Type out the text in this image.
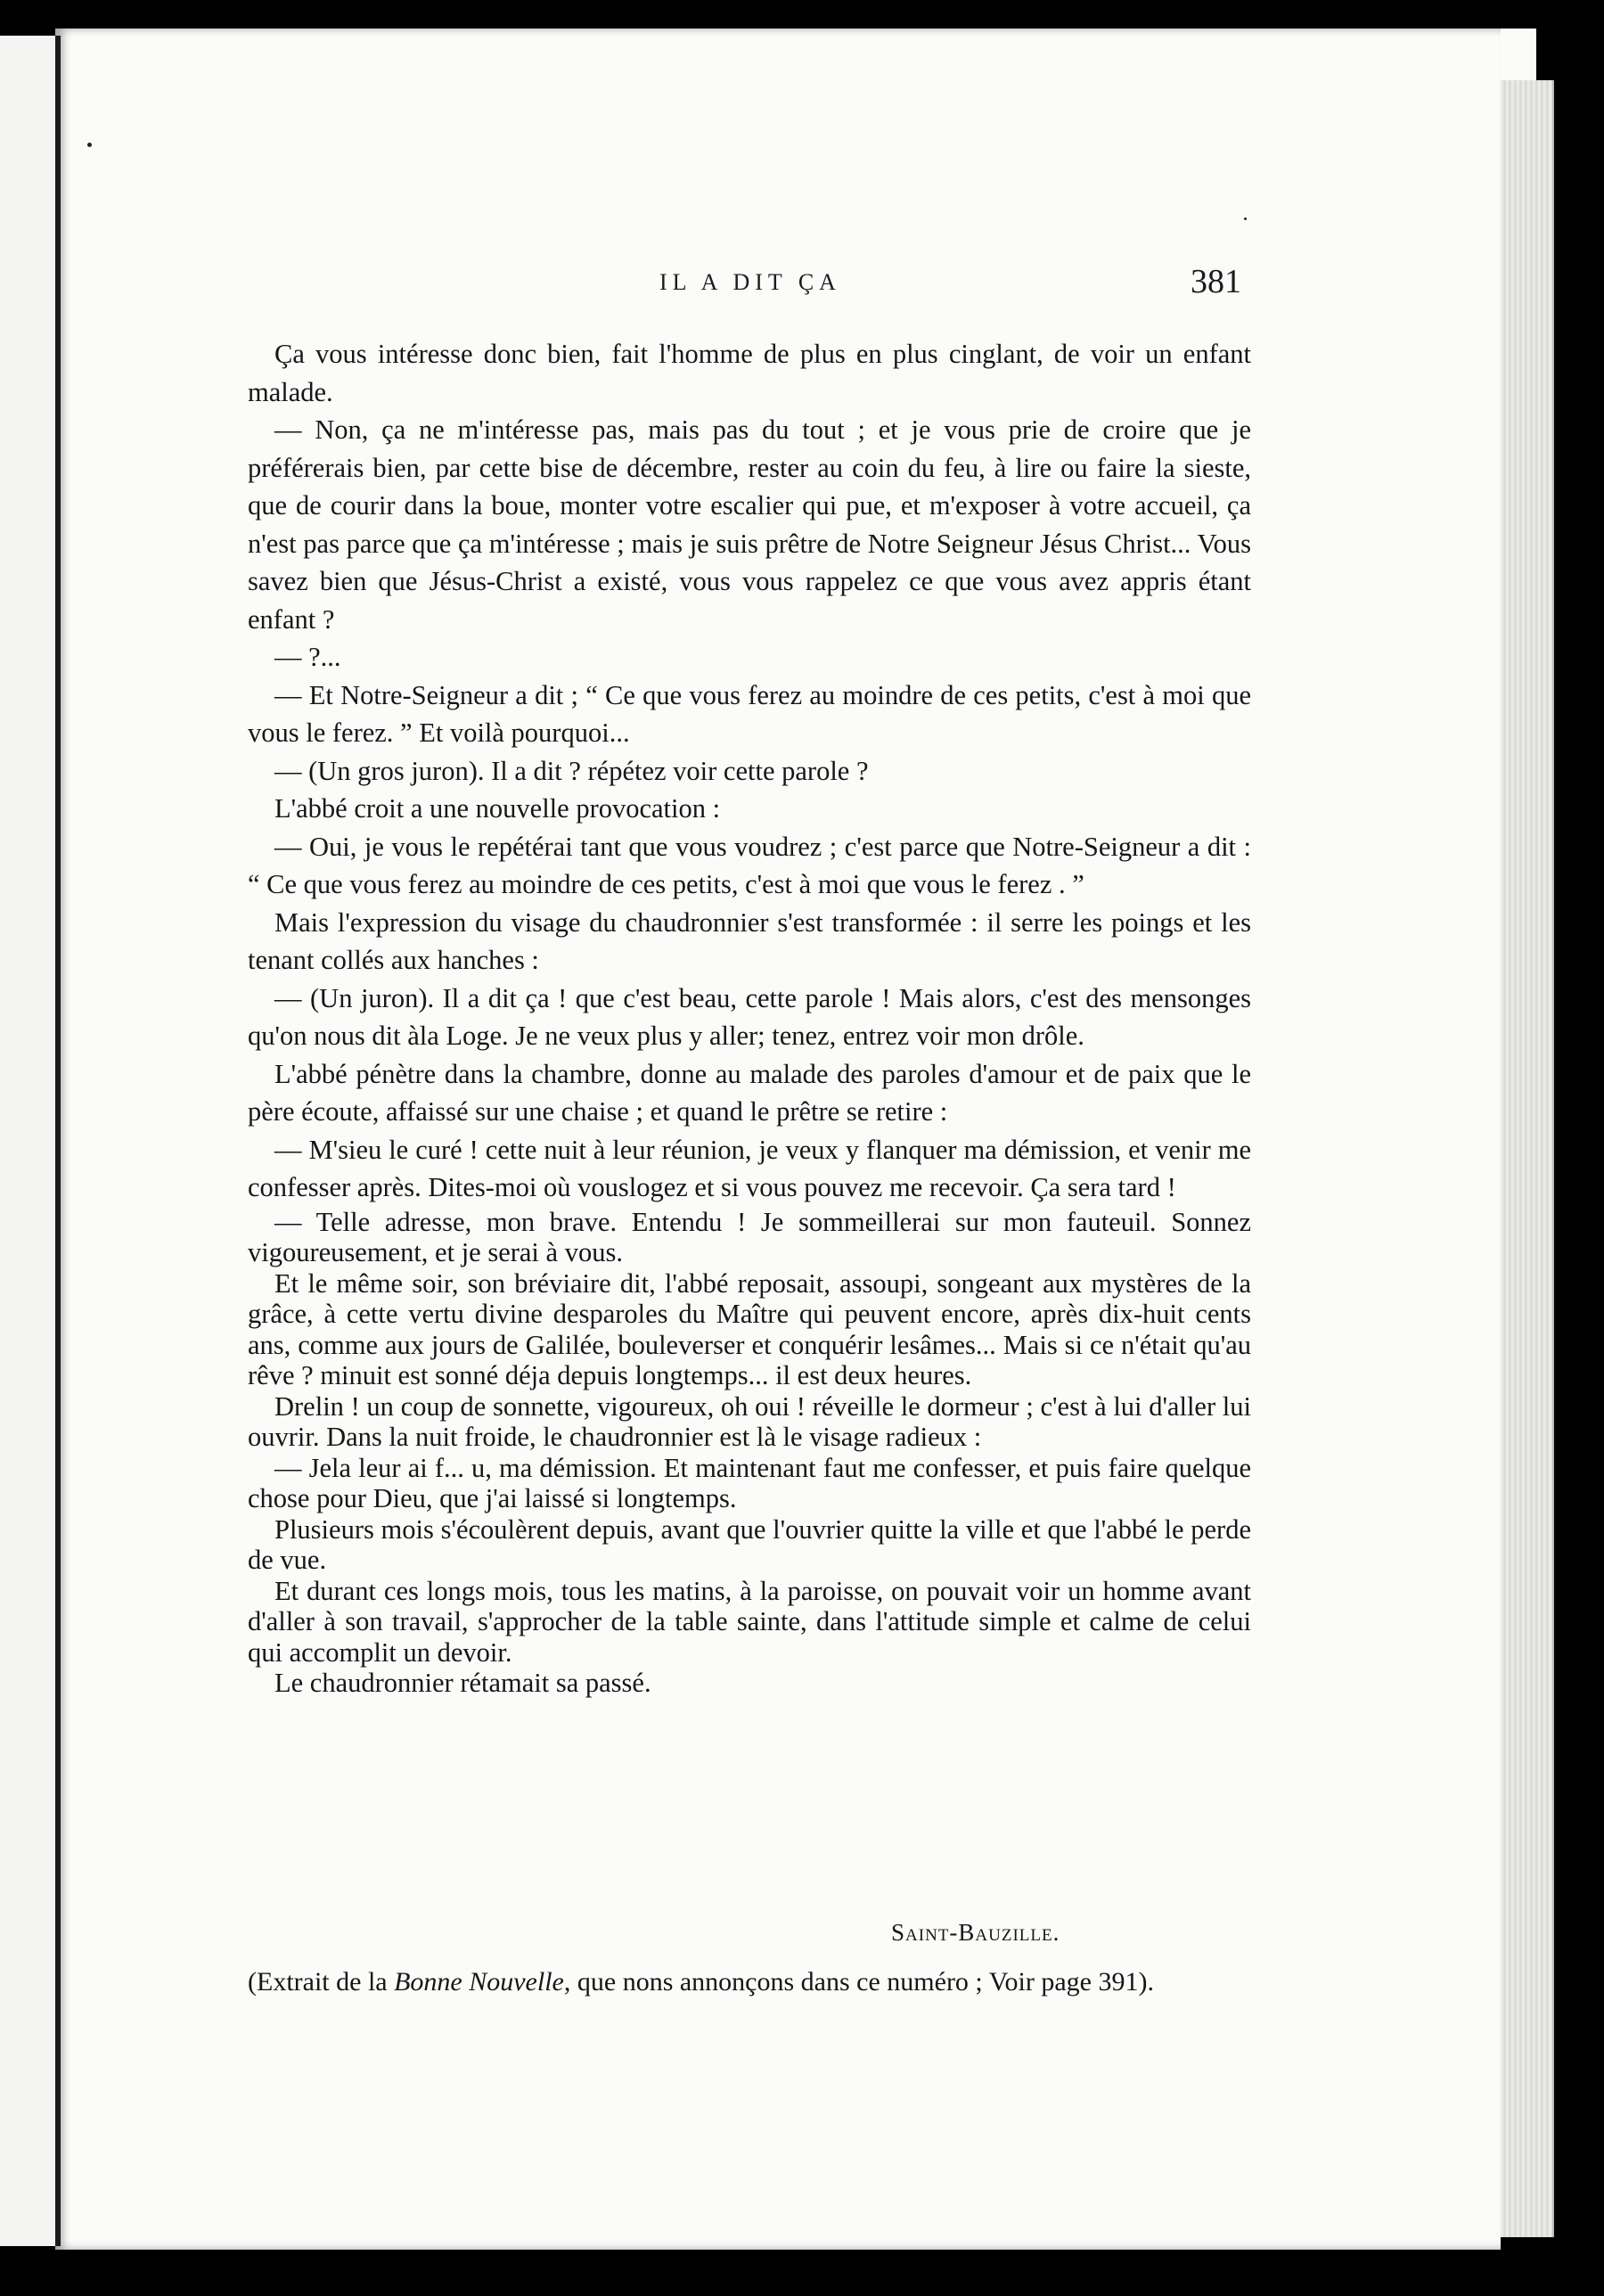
IL A DIT ÇA	381

Ça vous intéresse donc bien, fait l'homme de plus en plus cinglant, de voir un enfant malade.

— Non, ça ne m'intéresse pas, mais pas du tout ; et je vous prie de croire que je préférerais bien, par cette bise de décembre, rester au coin du feu, à lire ou faire la sieste, que de courir dans la boue, monter votre escalier qui pue, et m'exposer à votre accueil, ça n'est pas parce que ça m'intéresse ; mais je suis prêtre de Notre Seigneur Jésus Christ... Vous savez bien que Jésus-Christ a existé, vous vous rappelez ce que vous avez appris étant enfant ?

— ?...

— Et Notre-Seigneur a dit ; “ Ce que vous ferez au moindre de ces petits, c'est à moi que vous le ferez. ” Et voilà pourquoi...

— (Un gros juron). Il a dit ? répétez voir cette parole ?

L'abbé croit a une nouvelle provocation :

— Oui, je vous le repétérai tant que vous voudrez ; c'est parce que Notre-Seigneur a dit : “ Ce que vous ferez au moindre de ces petits, c'est à moi que vous le ferez . ”

Mais l'expression du visage du chaudronnier s'est transformée : il serre les poings et les tenant collés aux hanches :

— (Un juron). Il a dit ça ! que c'est beau, cette parole ! Mais alors, c'est des mensonges qu'on nous dit àla Loge. Je ne veux plus y aller; tenez, entrez voir mon drôle.

L'abbé pénètre dans la chambre, donne au malade des paroles d'amour et de paix que le père écoute, affaissé sur une chaise ; et quand le prêtre se retire :

— M'sieu le curé ! cette nuit à leur réunion, je veux y flanquer ma démission, et venir me confesser après. Dites-moi où vouslogez et si vous pouvez me recevoir. Ça sera tard !

— Telle adresse, mon brave. Entendu ! Je sommeillerai sur mon fauteuil. Sonnez vigoureusement, et je serai à vous.

Et le même soir, son bréviaire dit, l'abbé reposait, assoupi, songeant aux mystères de la grâce, à cette vertu divine desparoles du Maître qui peuvent encore, après dix-huit cents ans, comme aux jours de Galilée, bouleverser et conquérir lesâmes... Mais si ce n'était qu'au rêve ? minuit est sonné déja depuis longtemps... il est deux heures.

Drelin ! un coup de sonnette, vigoureux, oh oui ! réveille le dormeur ; c'est à lui d'aller lui ouvrir. Dans la nuit froide, le chaudronnier est là le visage radieux :

— Jela leur ai f... u, ma démission. Et maintenant faut me confesser, et puis faire quelque chose pour Dieu, que j'ai laissé si longtemps.

Plusieurs mois s'écoulèrent depuis, avant que l'ouvrier quitte la ville et que l'abbé le perde de vue.

Et durant ces longs mois, tous les matins, à la paroisse, on pouvait voir un homme avant d'aller à son travail, s'approcher de la table sainte, dans l'attitude simple et calme de celui qui accomplit un devoir.

Le chaudronnier rétamait sa passé.

Saint-Bauzille.
(Extrait de la Bonne Nouvelle, que nons annonçons dans ce numéro ; Voir page 391).
